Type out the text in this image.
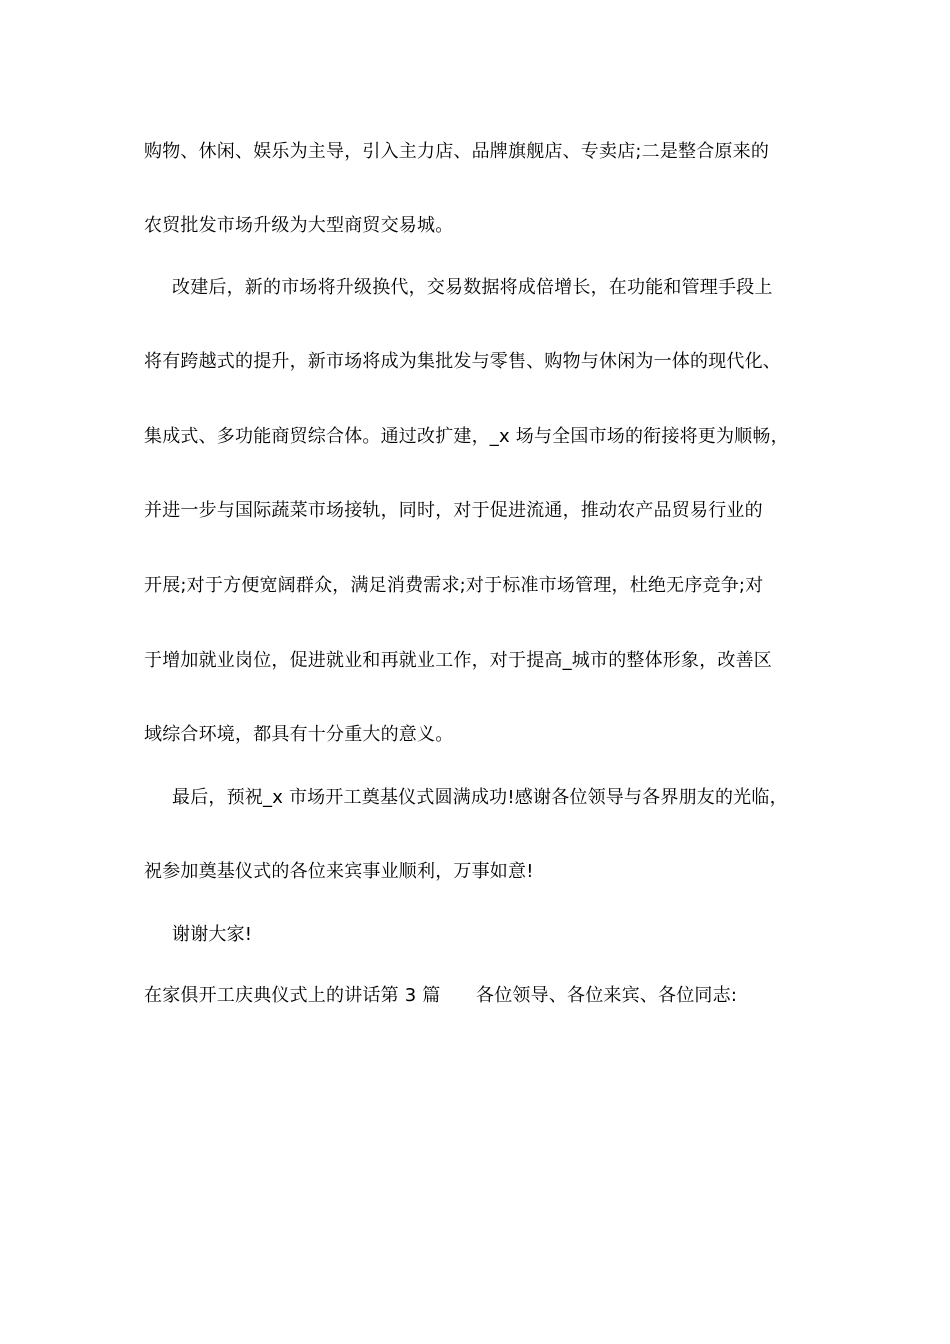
购物、休闲、娱乐为主导，引入主力店、品牌旗舰店、专卖店;二是整合原来的
农贸批发市场升级为大型商贸交易城。
改建后，新的市场将升级换代，交易数据将成倍增长，在功能和管理手段上
将有跨越式的提升，新市场将成为集批发与零售、购物与休闲为一体的现代化、
集成式、多功能商贸综合体。通过改扩建，_x 场与全国市场的衔接将更为顺畅，
并进一步与国际蔬菜市场接轨，同时，对于促进流通，推动农产品贸易行业的
开展;对于方便宽阔群众，满足消费需求;对于标准市场管理，杜绝无序竞争;对
于增加就业岗位，促进就业和再就业工作，对于提高_城市的整体形象，改善区
域综合环境，都具有十分重大的意义。
最后，预祝_x 市场开工奠基仪式圆满成功!感谢各位领导与各界朋友的光临，
祝参加奠基仪式的各位来宾事业顺利，万事如意!
谢谢大家!
在家俱开工庆典仪式上的讲话第 3 篇      各位领导、各位来宾、各位同志:
